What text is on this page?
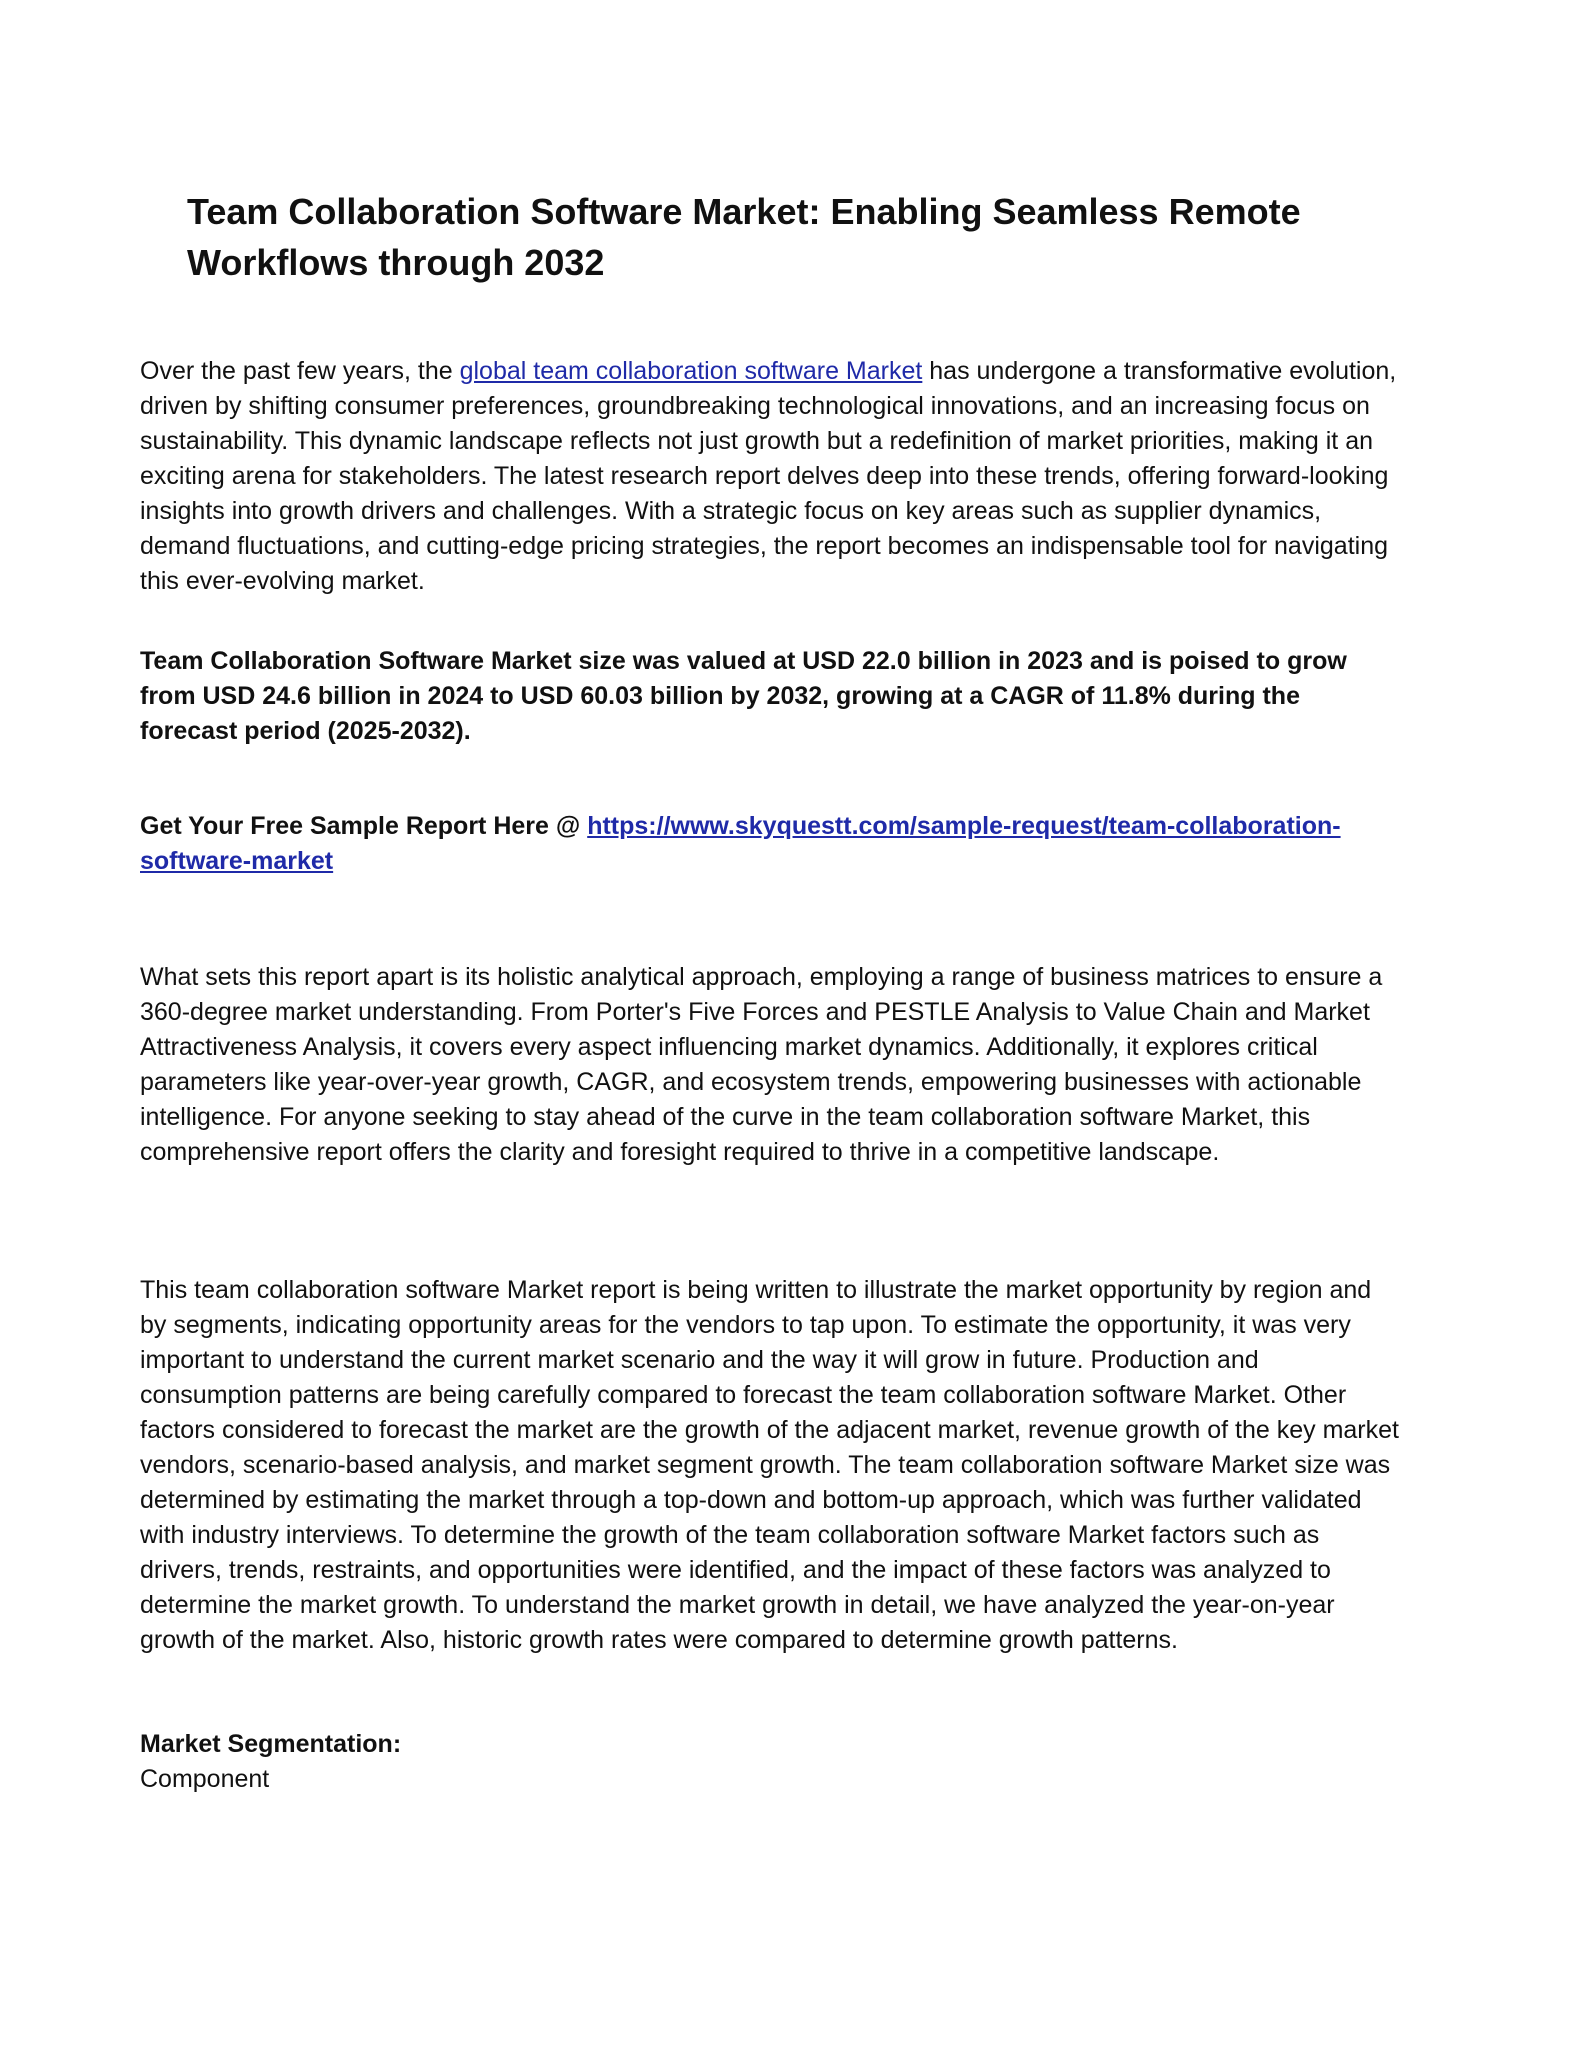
Team Collaboration Software Market: Enabling Seamless Remote Workflows through 2032

Over the past few years, the global team collaboration software Market has undergone a transformative evolution, driven by shifting consumer preferences, groundbreaking technological innovations, and an increasing focus on sustainability. This dynamic landscape reflects not just growth but a redefinition of market priorities, making it an exciting arena for stakeholders. The latest research report delves deep into these trends, offering forward-looking insights into growth drivers and challenges. With a strategic focus on key areas such as supplier dynamics, demand fluctuations, and cutting-edge pricing strategies, the report becomes an indispensable tool for navigating this ever-evolving market.

Team Collaboration Software Market size was valued at USD 22.0 billion in 2023 and is poised to grow from USD 24.6 billion in 2024 to USD 60.03 billion by 2032, growing at a CAGR of 11.8% during the forecast period (2025-2032).

Get Your Free Sample Report Here @ https://www.skyquestt.com/sample-request/team-collaboration-software-market

What sets this report apart is its holistic analytical approach, employing a range of business matrices to ensure a 360-degree market understanding. From Porter's Five Forces and PESTLE Analysis to Value Chain and Market Attractiveness Analysis, it covers every aspect influencing market dynamics. Additionally, it explores critical parameters like year-over-year growth, CAGR, and ecosystem trends, empowering businesses with actionable intelligence. For anyone seeking to stay ahead of the curve in the team collaboration software Market, this comprehensive report offers the clarity and foresight required to thrive in a competitive landscape.

This team collaboration software Market report is being written to illustrate the market opportunity by region and by segments, indicating opportunity areas for the vendors to tap upon. To estimate the opportunity, it was very important to understand the current market scenario and the way it will grow in future. Production and consumption patterns are being carefully compared to forecast the team collaboration software Market. Other factors considered to forecast the market are the growth of the adjacent market, revenue growth of the key market vendors, scenario-based analysis, and market segment growth. The team collaboration software Market size was determined by estimating the market through a top-down and bottom-up approach, which was further validated with industry interviews. To determine the growth of the team collaboration software Market factors such as drivers, trends, restraints, and opportunities were identified, and the impact of these factors was analyzed to determine the market growth. To understand the market growth in detail, we have analyzed the year-on-year growth of the market. Also, historic growth rates were compared to determine growth patterns.

Market Segmentation:

Component
